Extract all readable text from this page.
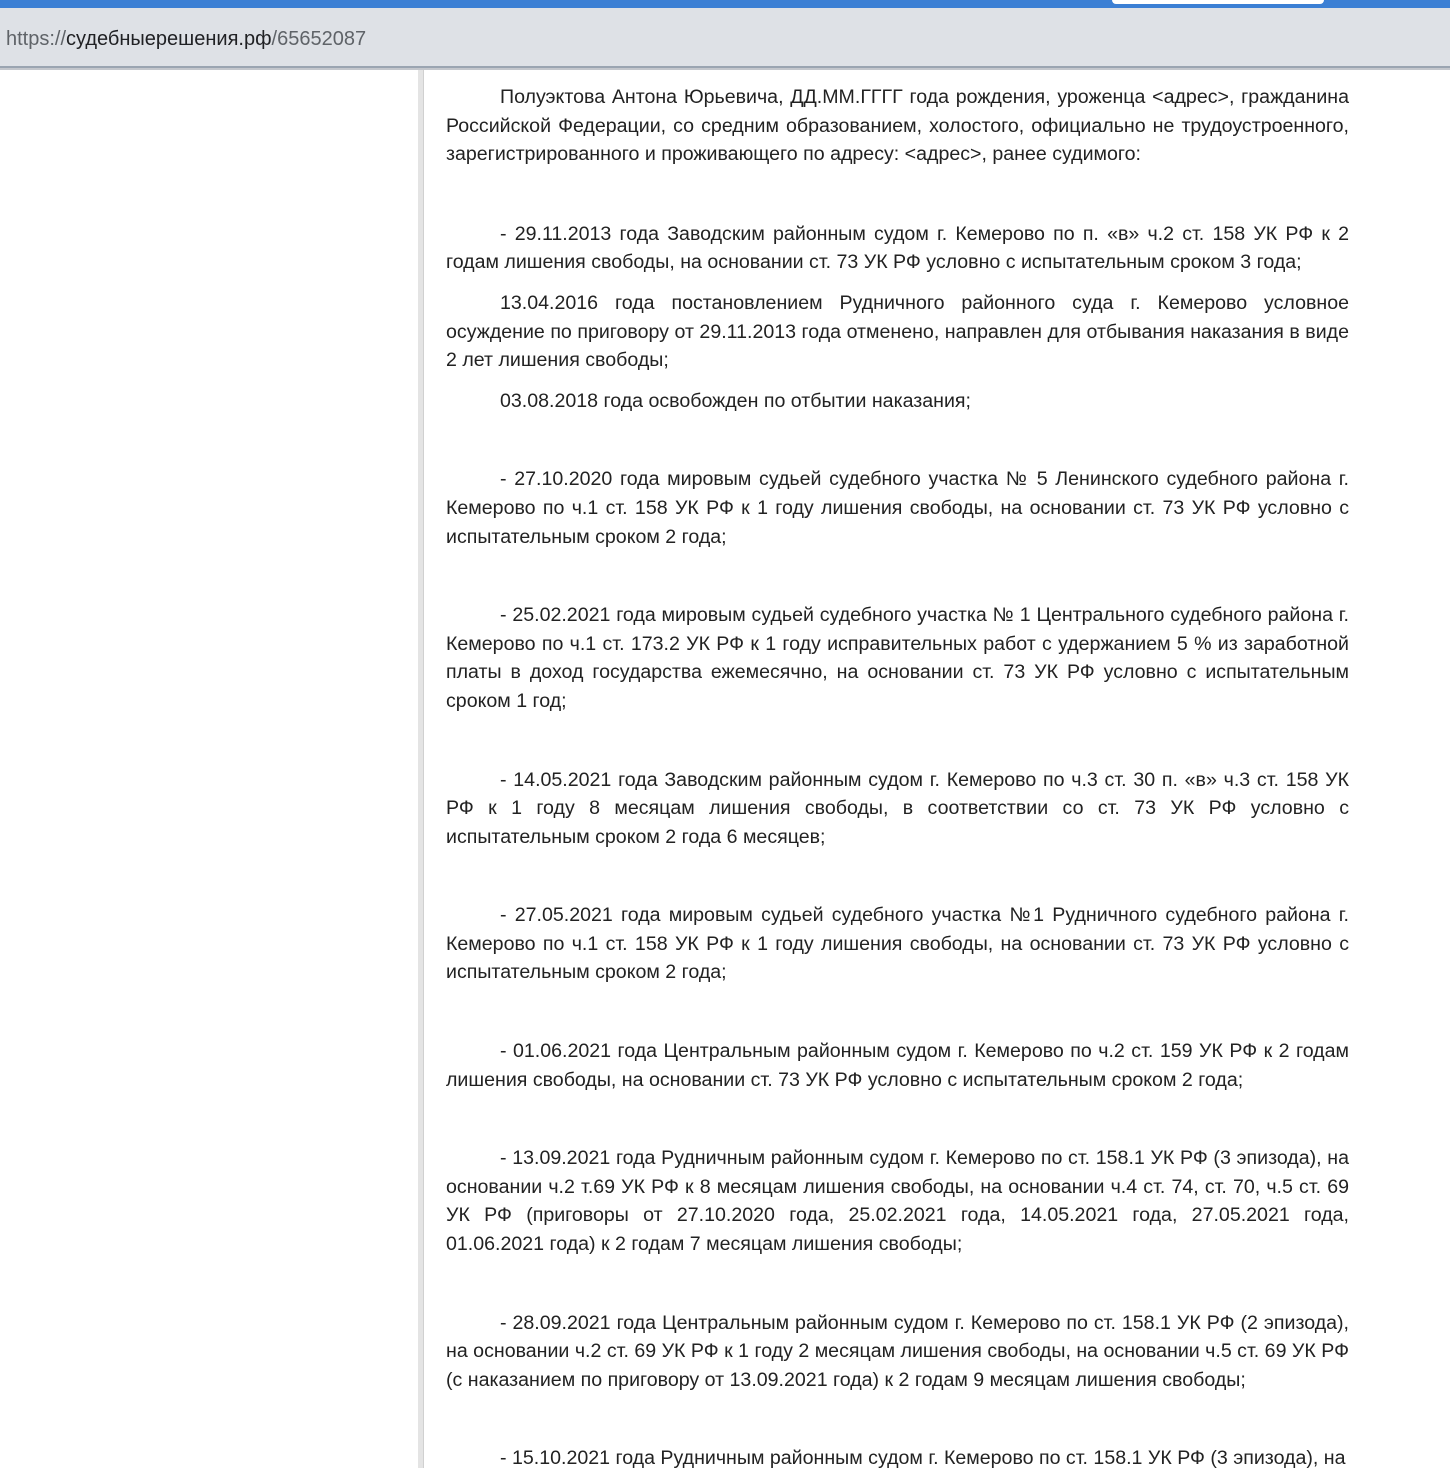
https://судебныерешения.рф/65652087

Полуэктова Антона Юрьевича, ДД.ММ.ГГГГ года рождения, уроженца <адрес>, гражданина Российской Федерации, со средним образованием, холостого, официально не трудоустроенного, зарегистрированного и проживающего по адресу: <адрес>, ранее судимого:

- 29.11.2013 года Заводским районным судом г. Кемерово по п. «в» ч.2 ст. 158 УК РФ к 2 годам лишения свободы, на основании ст. 73 УК РФ условно с испытательным сроком 3 года;

13.04.2016 года постановлением Рудничного районного суда г. Кемерово условное осуждение по приговору от 29.11.2013 года отменено, направлен для отбывания наказания в виде 2 лет лишения свободы;

03.08.2018 года освобожден по отбытии наказания;

- 27.10.2020 года мировым судьей судебного участка № 5 Ленинского судебного района г. Кемерово по ч.1 ст. 158 УК РФ к 1 году лишения свободы, на основании ст. 73 УК РФ условно с испытательным сроком 2 года;

- 25.02.2021 года мировым судьей судебного участка № 1 Центрального судебного района г. Кемерово по ч.1 ст. 173.2 УК РФ к 1 году исправительных работ с удержанием 5 % из заработной платы в доход государства ежемесячно, на основании ст. 73 УК РФ условно с испытательным сроком 1 год;

- 14.05.2021 года Заводским районным судом г. Кемерово по ч.3 ст. 30 п. «в» ч.3 ст. 158 УК РФ к 1 году 8 месяцам лишения свободы, в соответствии со ст. 73 УК РФ условно с испытательным сроком 2 года 6 месяцев;

- 27.05.2021 года мировым судьей судебного участка №1 Рудничного судебного района г. Кемерово по ч.1 ст. 158 УК РФ к 1 году лишения свободы, на основании ст. 73 УК РФ условно с испытательным сроком 2 года;

- 01.06.2021 года Центральным районным судом г. Кемерово по ч.2 ст. 159 УК РФ к 2 годам лишения свободы, на основании ст. 73 УК РФ условно с испытательным сроком 2 года;

- 13.09.2021 года Рудничным районным судом г. Кемерово по ст. 158.1 УК РФ (3 эпизода), на основании ч.2 т.69 УК РФ к 8 месяцам лишения свободы, на основании ч.4 ст. 74, ст. 70, ч.5 ст. 69 УК РФ (приговоры от 27.10.2020 года, 25.02.2021 года, 14.05.2021 года, 27.05.2021 года, 01.06.2021 года) к 2 годам 7 месяцам лишения свободы;

- 28.09.2021 года Центральным районным судом г. Кемерово по ст. 158.1 УК РФ (2 эпизода), на основании ч.2 ст. 69 УК РФ к 1 году 2 месяцам лишения свободы, на основании ч.5 ст. 69 УК РФ (с наказанием по приговору от 13.09.2021 года) к 2 годам 9 месяцам лишения свободы;

- 15.10.2021 года Рудничным районным судом г. Кемерово по ст. 158.1 УК РФ (3 эпизода), на
